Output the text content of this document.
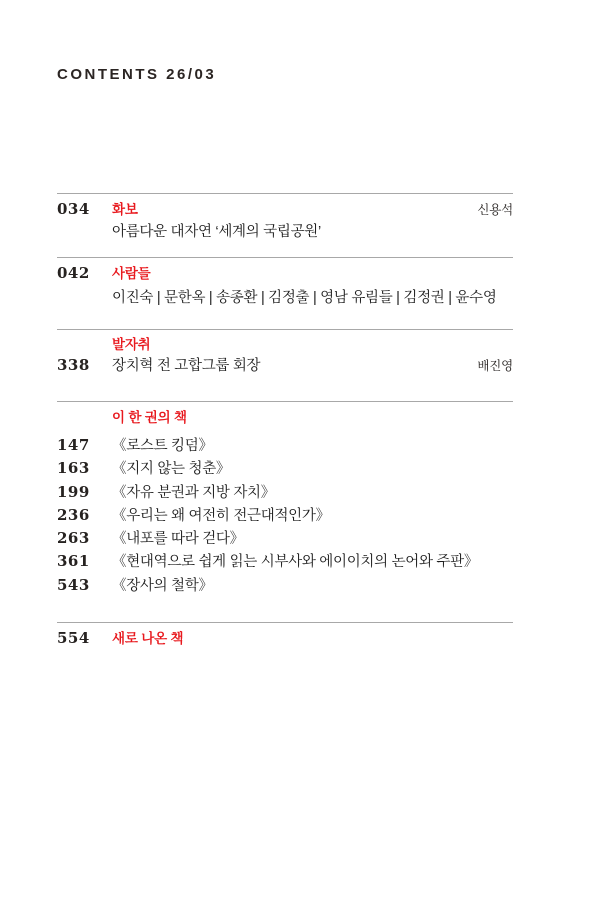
CONTENTS 26/03
034	화보	신용석
아름다운 대자연 ‘세계의 국립공원’
042	사람들
이진숙 | 문한옥 | 송종환 | 김정출 | 영남 유림들 | 김정권 | 윤수영
발자취
338	장치혁 전 고합그룹 회장	배진영
이 한 권의 책
147	《로스트 킹덤》
163	《지지 않는 청춘》
199	《자유 분권과 지방 자치》
236	《우리는 왜 여전히 전근대적인가》
263	《내포를 따라 걷다》
361	《현대역으로 쉽게 읽는 시부사와 에이이치의 논어와 주판》
543	《장사의 철학》
554	새로 나온 책
